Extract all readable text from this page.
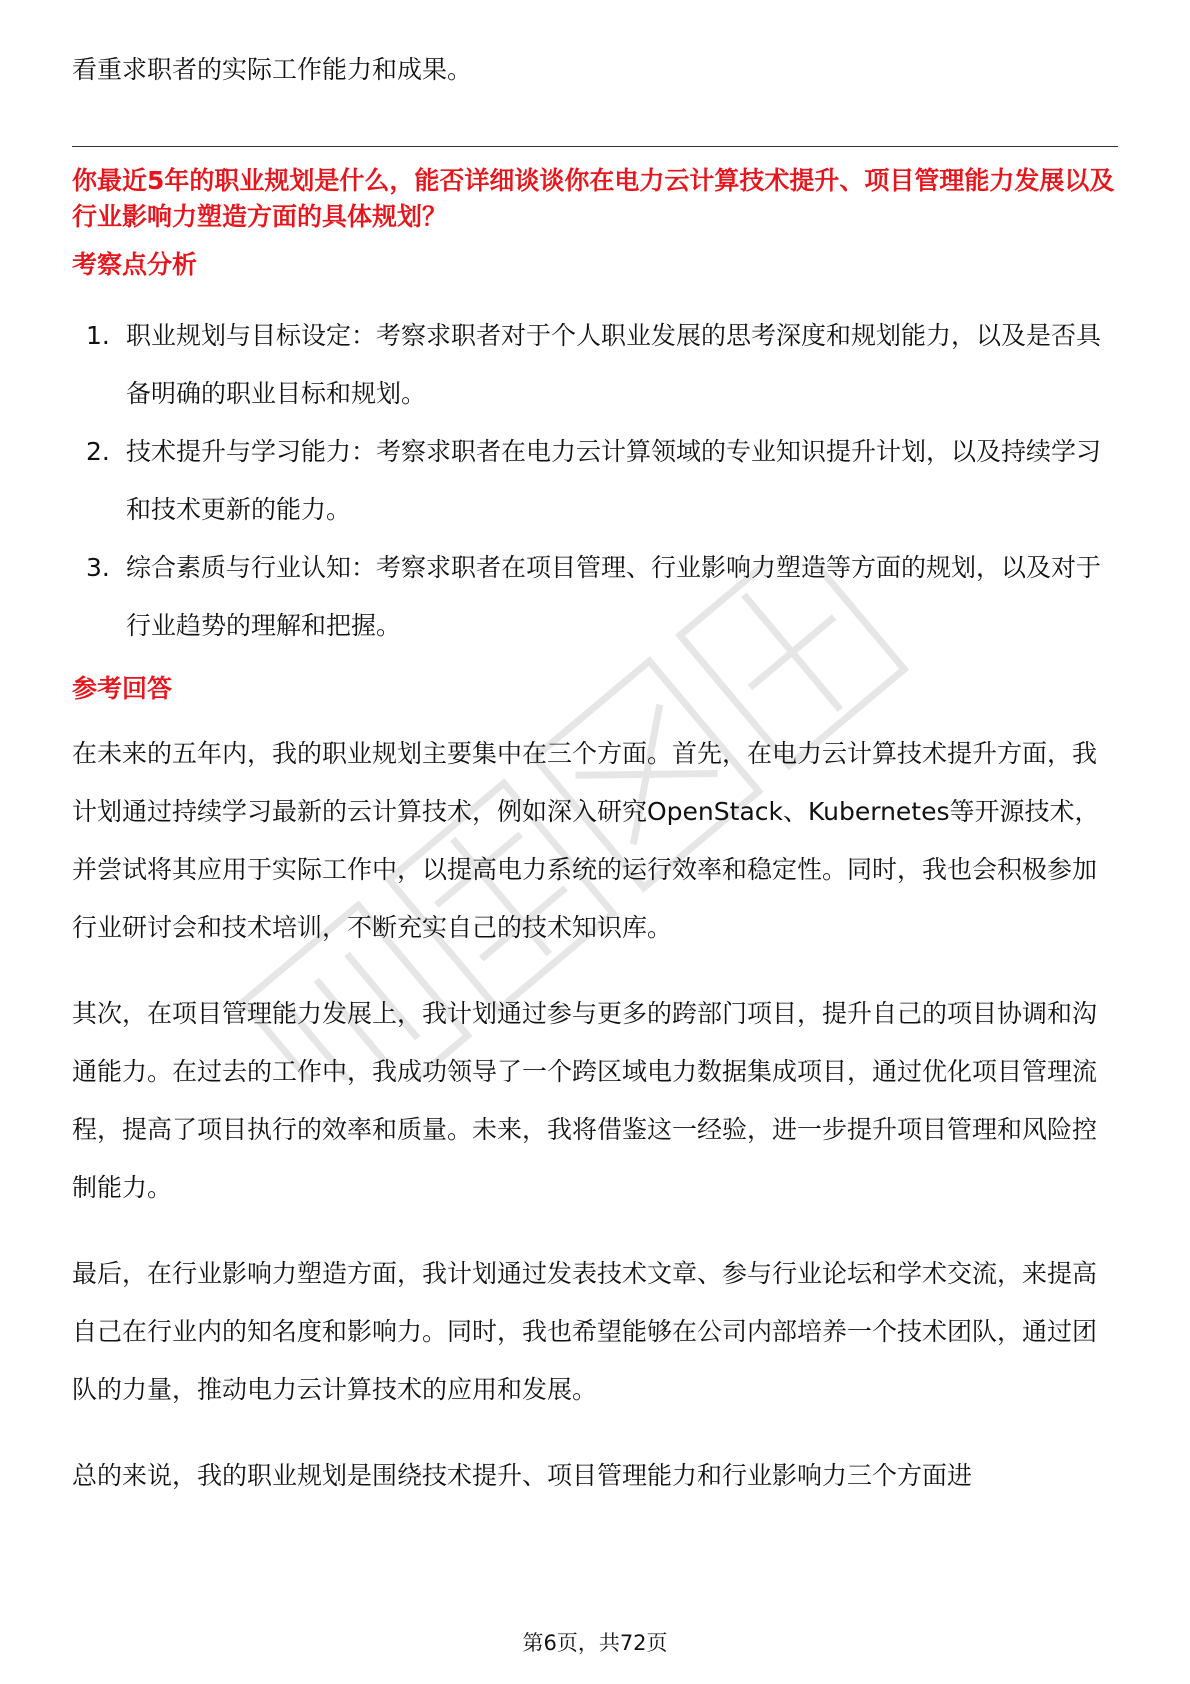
看重求职者的实际工作能力和成果。

你最近5年的职业规划是什么，能否详细谈谈你在电力云计算技术提升、项目管理能力发展以及行业影响力塑造方面的具体规划？

考察点分析

1. 职业规划与目标设定：考察求职者对于个人职业发展的思考深度和规划能力，以及是否具备明确的职业目标和规划。
2. 技术提升与学习能力：考察求职者在电力云计算领域的专业知识提升计划，以及持续学习和技术更新的能力。
3. 综合素质与行业认知：考察求职者在项目管理、行业影响力塑造等方面的规划，以及对于行业趋势的理解和把握。

参考回答

在未来的五年内，我的职业规划主要集中在三个方面。首先，在电力云计算技术提升方面，我计划通过持续学习最新的云计算技术，例如深入研究OpenStack、Kubernetes等开源技术，并尝试将其应用于实际工作中，以提高电力系统的运行效率和稳定性。同时，我也会积极参加行业研讨会和技术培训，不断充实自己的技术知识库。

其次，在项目管理能力发展上，我计划通过参与更多的跨部门项目，提升自己的项目协调和沟通能力。在过去的工作中，我成功领导了一个跨区域电力数据集成项目，通过优化项目管理流程，提高了项目执行的效率和质量。未来，我将借鉴这一经验，进一步提升项目管理和风险控制能力。

最后，在行业影响力塑造方面，我计划通过发表技术文章、参与行业论坛和学术交流，来提高自己在行业内的知名度和影响力。同时，我也希望能够在公司内部培养一个技术团队，通过团队的力量，推动电力云计算技术的应用和发展。

总的来说，我的职业规划是围绕技术提升、项目管理能力和行业影响力三个方面进

第6页，共72页
